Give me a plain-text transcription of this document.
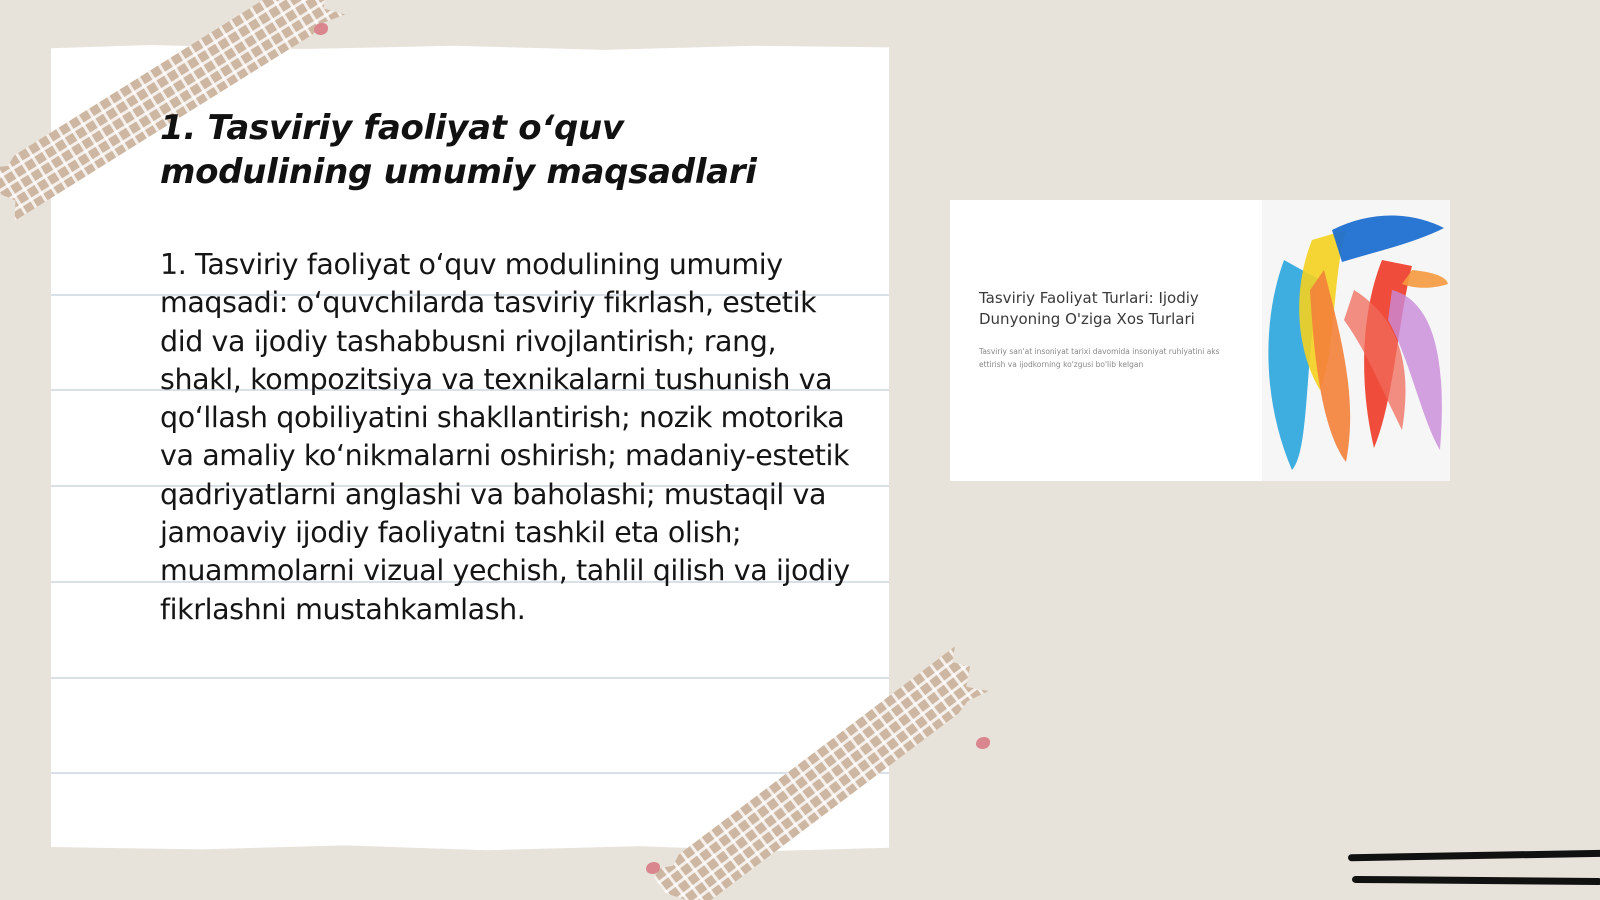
1. Tasviriy faoliyat o‘quv modulining umumiy maqsadlari

1. Tasviriy faoliyat o‘quv modulining umumiy maqsadi: o‘quvchilarda tasviriy fikrlash, estetik did va ijodiy tashabbusni rivojlantirish; rang, shakl, kompozitsiya va texnikalarni tushunish va qo‘llash qobiliyatini shakllantirish; nozik motorika va amaliy ko‘nikmalarni oshirish; madaniy-estetik qadriyatlarni anglashi va baholashi; mustaqil va jamoaviy ijodiy faoliyatni tashkil eta olish; muammolarni vizual yechish, tahlil qilish va ijodiy fikrlashni mustahkamlash.

Tasviriy Faoliyat Turlari: Ijodiy Dunyoning O'ziga Xos Turlari
Tasviriy san'at insoniyat tarixi davomida insoniyat ruhiyatini aks ettirish va ijodkorning ko'zgusi bo'lib kelgan
